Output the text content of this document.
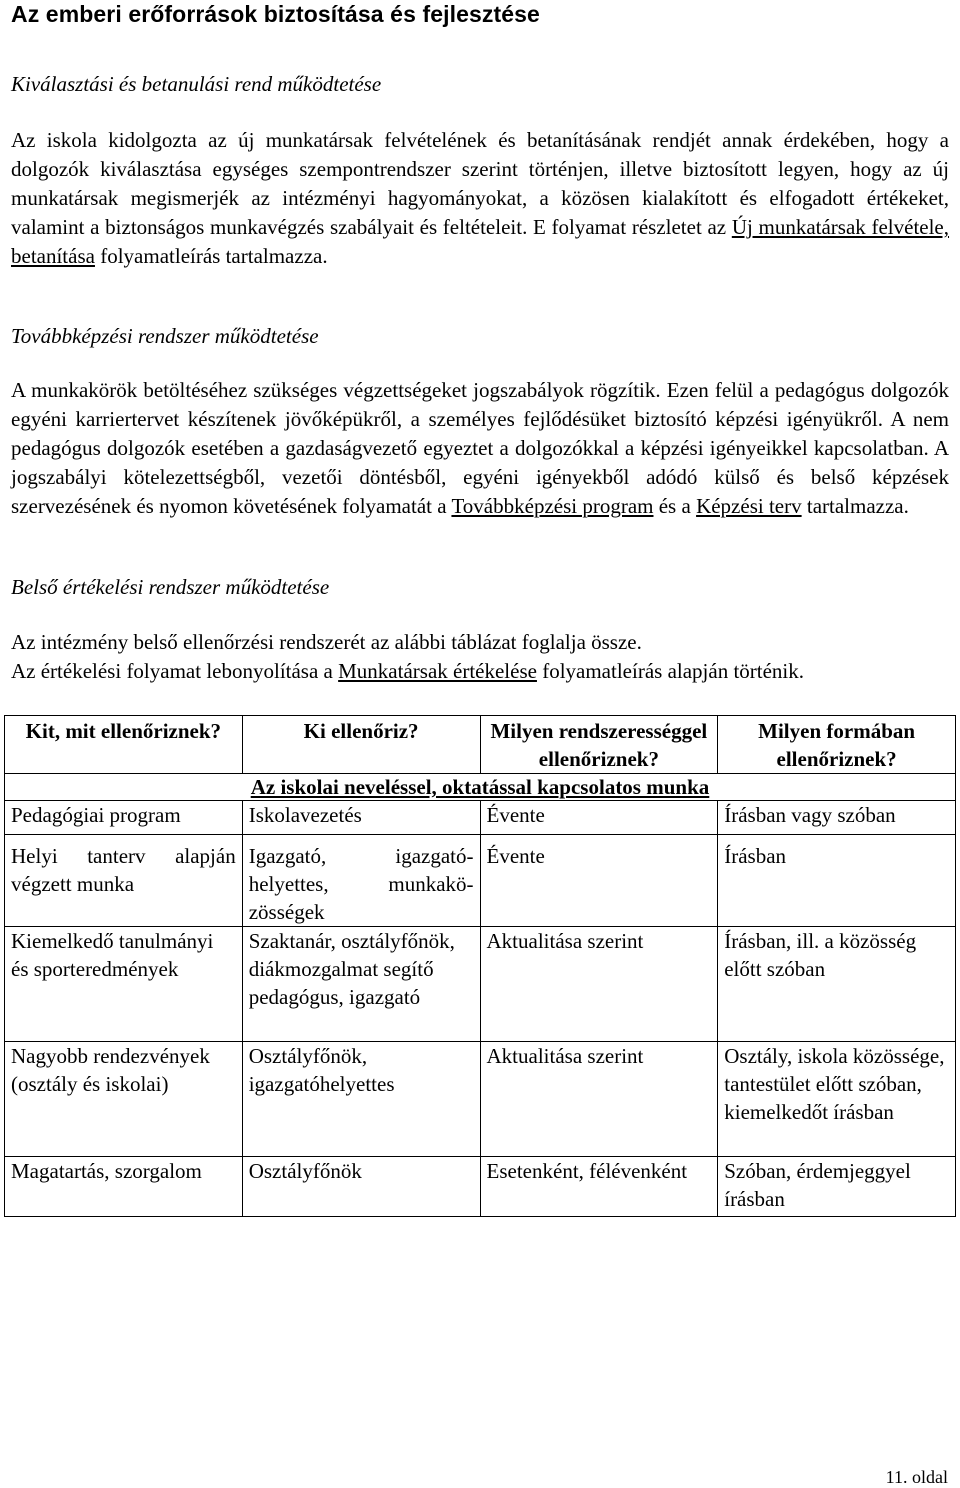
Az emberi erőforrások biztosítása és fejlesztése

Kiválasztási és betanulási rend működtetése

Az iskola kidolgozta az új munkatársak felvételének és betanításának rendjét annak érdekében, hogy a dolgozók kiválasztása egységes szempontrendszer szerint történjen, illetve biztosított legyen, hogy az új munkatársak megismerjék az intézményi hagyományokat, a közösen kialakított és elfogadott értékeket, valamint a biztonságos munkavégzés szabályait és feltételeit. E folyamat részletet az Új munkatársak felvétele, betanítása folyamatleírás tartalmazza.

Továbbképzési rendszer működtetése

A munkakörök betöltéséhez szükséges végzettségeket jogszabályok rögzítik. Ezen felül a pedagógus dolgozók egyéni karriertervet készítenek jövőképükről, a személyes fejlődésüket biztosító képzési igényükről. A nem pedagógus dolgozók esetében a gazdaságvezető egyeztet a dolgozókkal a képzési igényeikkel kapcsolatban. A jogszabályi kötelezettségből, vezetői döntésből, egyéni igényekből adódó külső és belső képzések szervezésének és nyomon követésének folyamatát a Továbbképzési program és a Képzési terv tartalmazza.

Belső értékelési rendszer működtetése

Az intézmény belső ellenőrzési rendszerét az alábbi táblázat foglalja össze.

Az értékelési folyamat lebonyolítása a Munkatársak értékelése folyamatleírás alapján történik.

Kit, mit ellenőriznek?	Ki ellenőriz?	Milyen rendszerességgel ellenőriznek?	Milyen formában ellenőriznek?
Az iskolai neveléssel, oktatással kapcsolatos munka			
Pedagógiai program	Iskolavezetés	Évente	Írásban vagy szóban
Helyi tanterv alapján végzett munka	Igazgató, igazgatóhelyettes, munkaközösségek	Évente	Írásban
Kiemelkedő tanulmányi és sporteredmények	Szaktanár, osztályfőnök, diákmozgalmat segítő pedagógus, igazgató	Aktualitása szerint	Írásban, ill. a közösség előtt szóban
Nagyobb rendezvények (osztály és iskolai)	Osztályfőnök, igazgatóhelyettes	Aktualitása szerint	Osztály, iskola közössége, tantestület előtt szóban, kiemelkedőt írásban
Magatartás, szorgalom	Osztályfőnök	Esetenként, félévenként	Szóban, érdemjeggyel írásban
11. oldal
